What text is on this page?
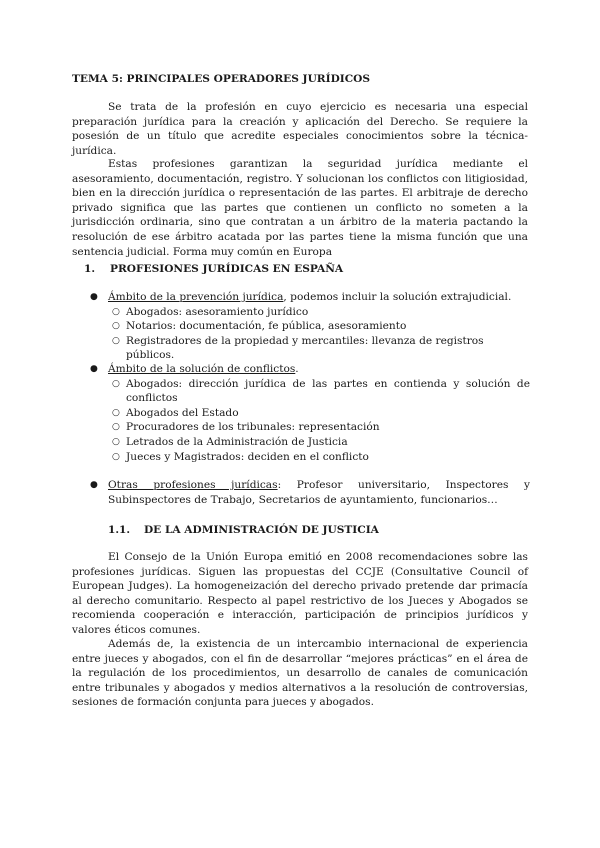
TEMA 5: PRINCIPALES OPERADORES JURÍDICOS

Se trata de la profesión en cuyo ejercicio es necesaria una especial preparación jurídica para la creación y aplicación del Derecho. Se requiere la posesión de un título que acredite especiales conocimientos sobre la técnica-jurídica.

Estas profesiones garantizan la seguridad jurídica mediante el asesoramiento, documentación, registro. Y solucionan los conflictos con litigiosidad, bien en la dirección jurídica o representación de las partes. El arbitraje de derecho privado significa que las partes que contienen un conflicto no someten a la jurisdicción ordinaria, sino que contratan a un árbitro de la materia pactando la resolución de ese árbitro acatada por las partes tiene la misma función que una sentencia judicial. Forma muy común en Europa

1. PROFESIONES JURÍDICAS EN ESPAÑA
● Ámbito de la prevención jurídica, podemos incluir la solución extrajudicial.
○ Abogados: asesoramiento jurídico
○ Notarios: documentación, fe pública, asesoramiento
○ Registradores de la propiedad y mercantiles: llevanza de registros públicos.
● Ámbito de la solución de conflictos.
○ Abogados: dirección jurídica de las partes en contienda y solución de conflictos
○ Abogados del Estado
○ Procuradores de los tribunales: representación
○ Letrados de la Administración de Justicia
○ Jueces y Magistrados: deciden en el conflicto
● Otras profesiones jurídicas: Profesor universitario, Inspectores y Subinspectores de Trabajo, Secretarios de ayuntamiento, funcionarios…
1.1. DE LA ADMINISTRACIÓN DE JUSTICIA

El Consejo de la Unión Europa emitió en 2008 recomendaciones sobre las profesiones jurídicas. Siguen las propuestas del CCJE (Consultative Council of European Judges). La homogeneización del derecho privado pretende dar primacía al derecho comunitario. Respecto al papel restrictivo de los Jueces y Abogados se recomienda cooperación e interacción, participación de principios jurídicos y valores éticos comunes.

Además de, la existencia de un intercambio internacional de experiencia entre jueces y abogados, con el fin de desarrollar “mejores prácticas” en el área de la regulación de los procedimientos, un desarrollo de canales de comunicación entre tribunales y abogados y medios alternativos a la resolución de controversias, sesiones de formación conjunta para jueces y abogados.
